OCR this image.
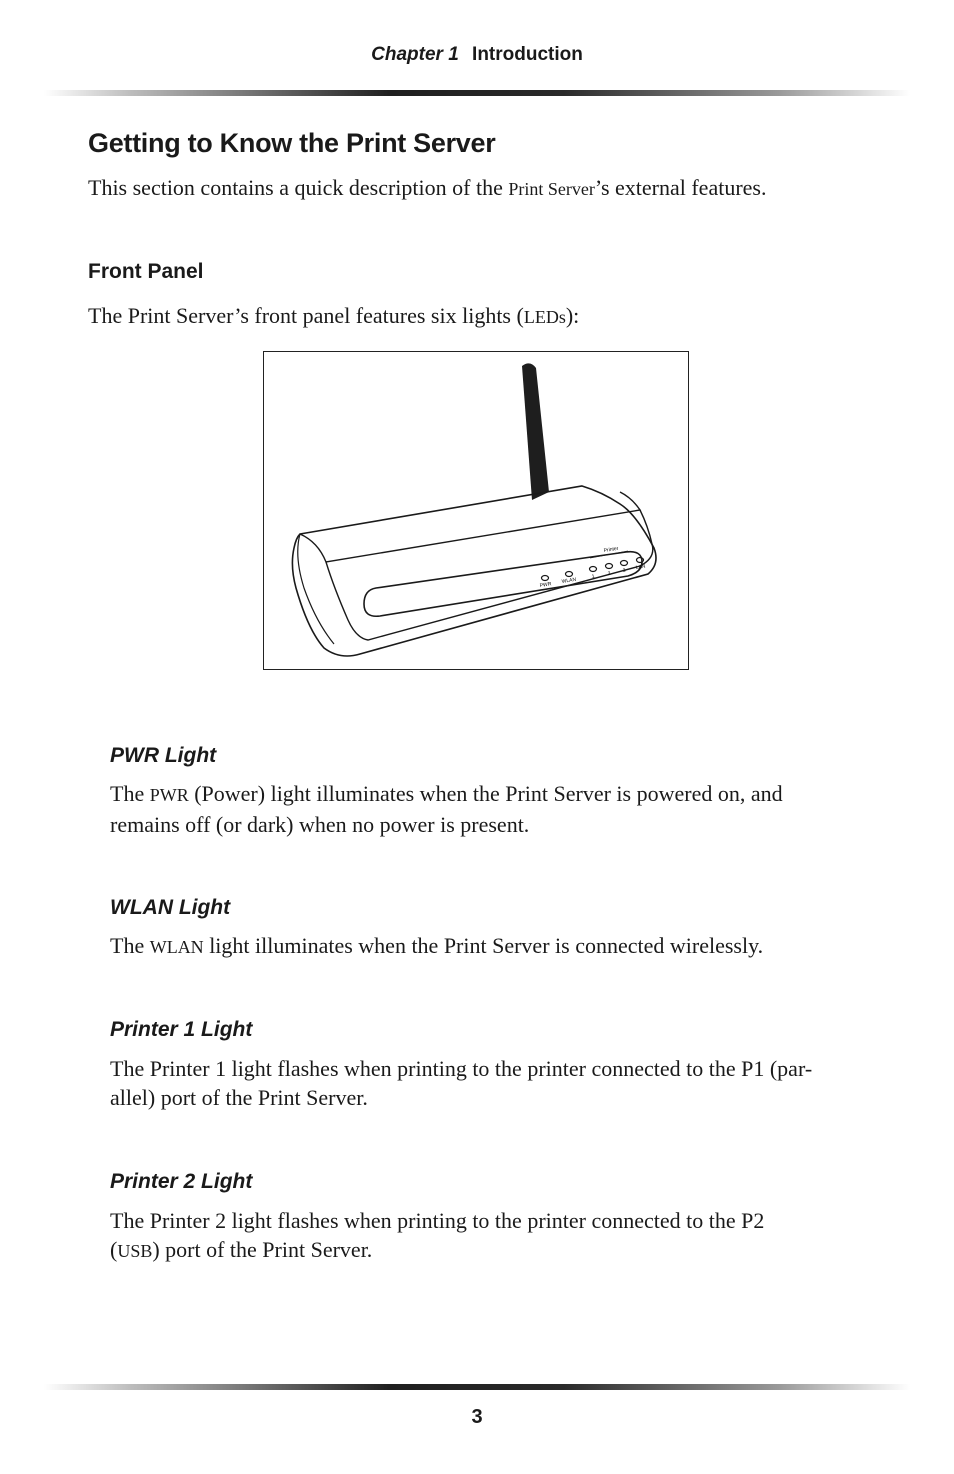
Chapter 1 Introduction
Getting to Know the Print Server
This section contains a quick description of the Print Server’s external features.
Front Panel
The Print Server’s front panel features six lights (LEDs):
Printer
PWR
WLAN	1 2 3 LAN
PWR Light
The PWR (Power) light illuminates when the Print Server is powered on, and
remains off (or dark) when no power is present.
WLAN Light
The WLAN light illuminates when the Print Server is connected wirelessly.
Printer 1 Light
The Printer 1 light flashes when printing to the printer connected to the P1 (par-
allel) port of the Print Server.
Printer 2 Light
The Printer 2 light flashes when printing to the printer connected to the P2
(USB) port of the Print Server.
3
